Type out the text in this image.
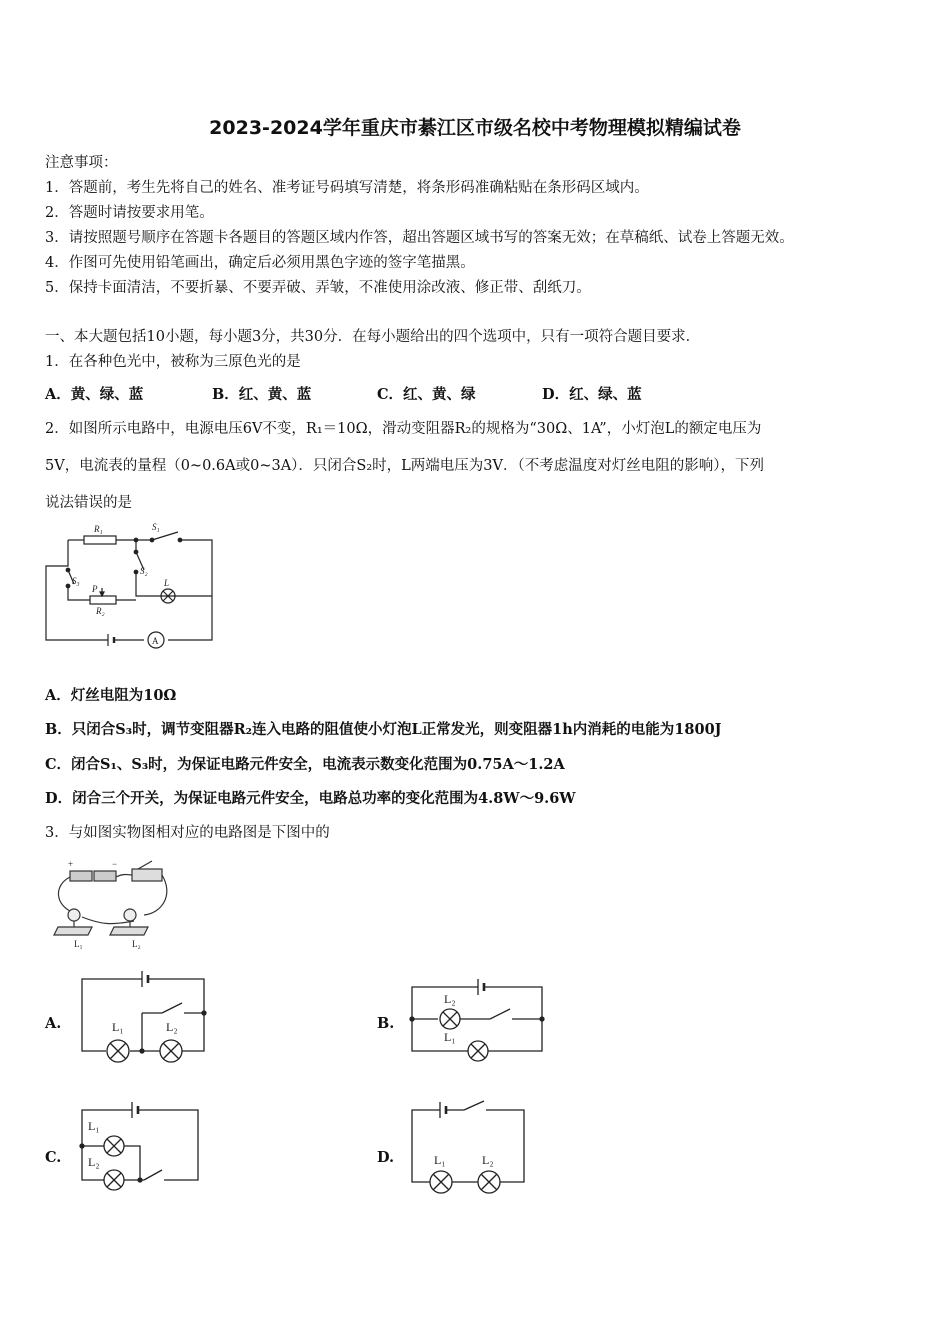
2023-2024学年重庆市綦江区市级名校中考物理模拟精编试卷
注意事项：
1．答题前，考生先将自己的姓名、准考证号码填写清楚，将条形码准确粘贴在条形码区域内。
2．答题时请按要求用笔。
3．请按照题号顺序在答题卡各题目的答题区域内作答，超出答题区域书写的答案无效；在草稿纸、试卷上答题无效。
4．作图可先使用铅笔画出，确定后必须用黑色字迹的签字笔描黑。
5．保持卡面清洁，不要折暴、不要弄破、弄皱，不准使用涂改液、修正带、刮纸刀。
一、本大题包括10小题，每小题3分，共30分．在每小题给出的四个选项中，只有一项符合题目要求．
1．在各种色光中，被称为三原色光的是
A．黄、绿、蓝	B．红、黄、蓝	C．红、黄、绿	D．红、绿、蓝
2．如图所示电路中，电源电压6V不变，R₁＝10Ω，滑动变阻器R₂的规格为“30Ω、1A”，小灯泡L的额定电压为
5V，电流表的量程（0~0.6A或0~3A）．只闭合S₂时，L两端电压为3V．（不考虑温度对灯丝电阻的影响），下列
说法错误的是
R₁	S₁
S₂
S₃
P
R₂
L
A
A．灯丝电阻为10Ω
B．只闭合S₃时，调节变阻器R₂连入电路的阻值使小灯泡L正常发光，则变阻器1h内消耗的电能为1800J
C．闭合S₁、S₃时，为保证电路元件安全，电流表示数变化范围为0.75A～1.2A
D．闭合三个开关，为保证电路元件安全，电路总功率的变化范围为4.8W～9.6W
3．与如图实物图相对应的电路图是下图中的
+	−
L₁	L₂
A.	L₁	L₂	B.
L₂
L₁
C.
L₁
L₂	D.	L₁	L₂
